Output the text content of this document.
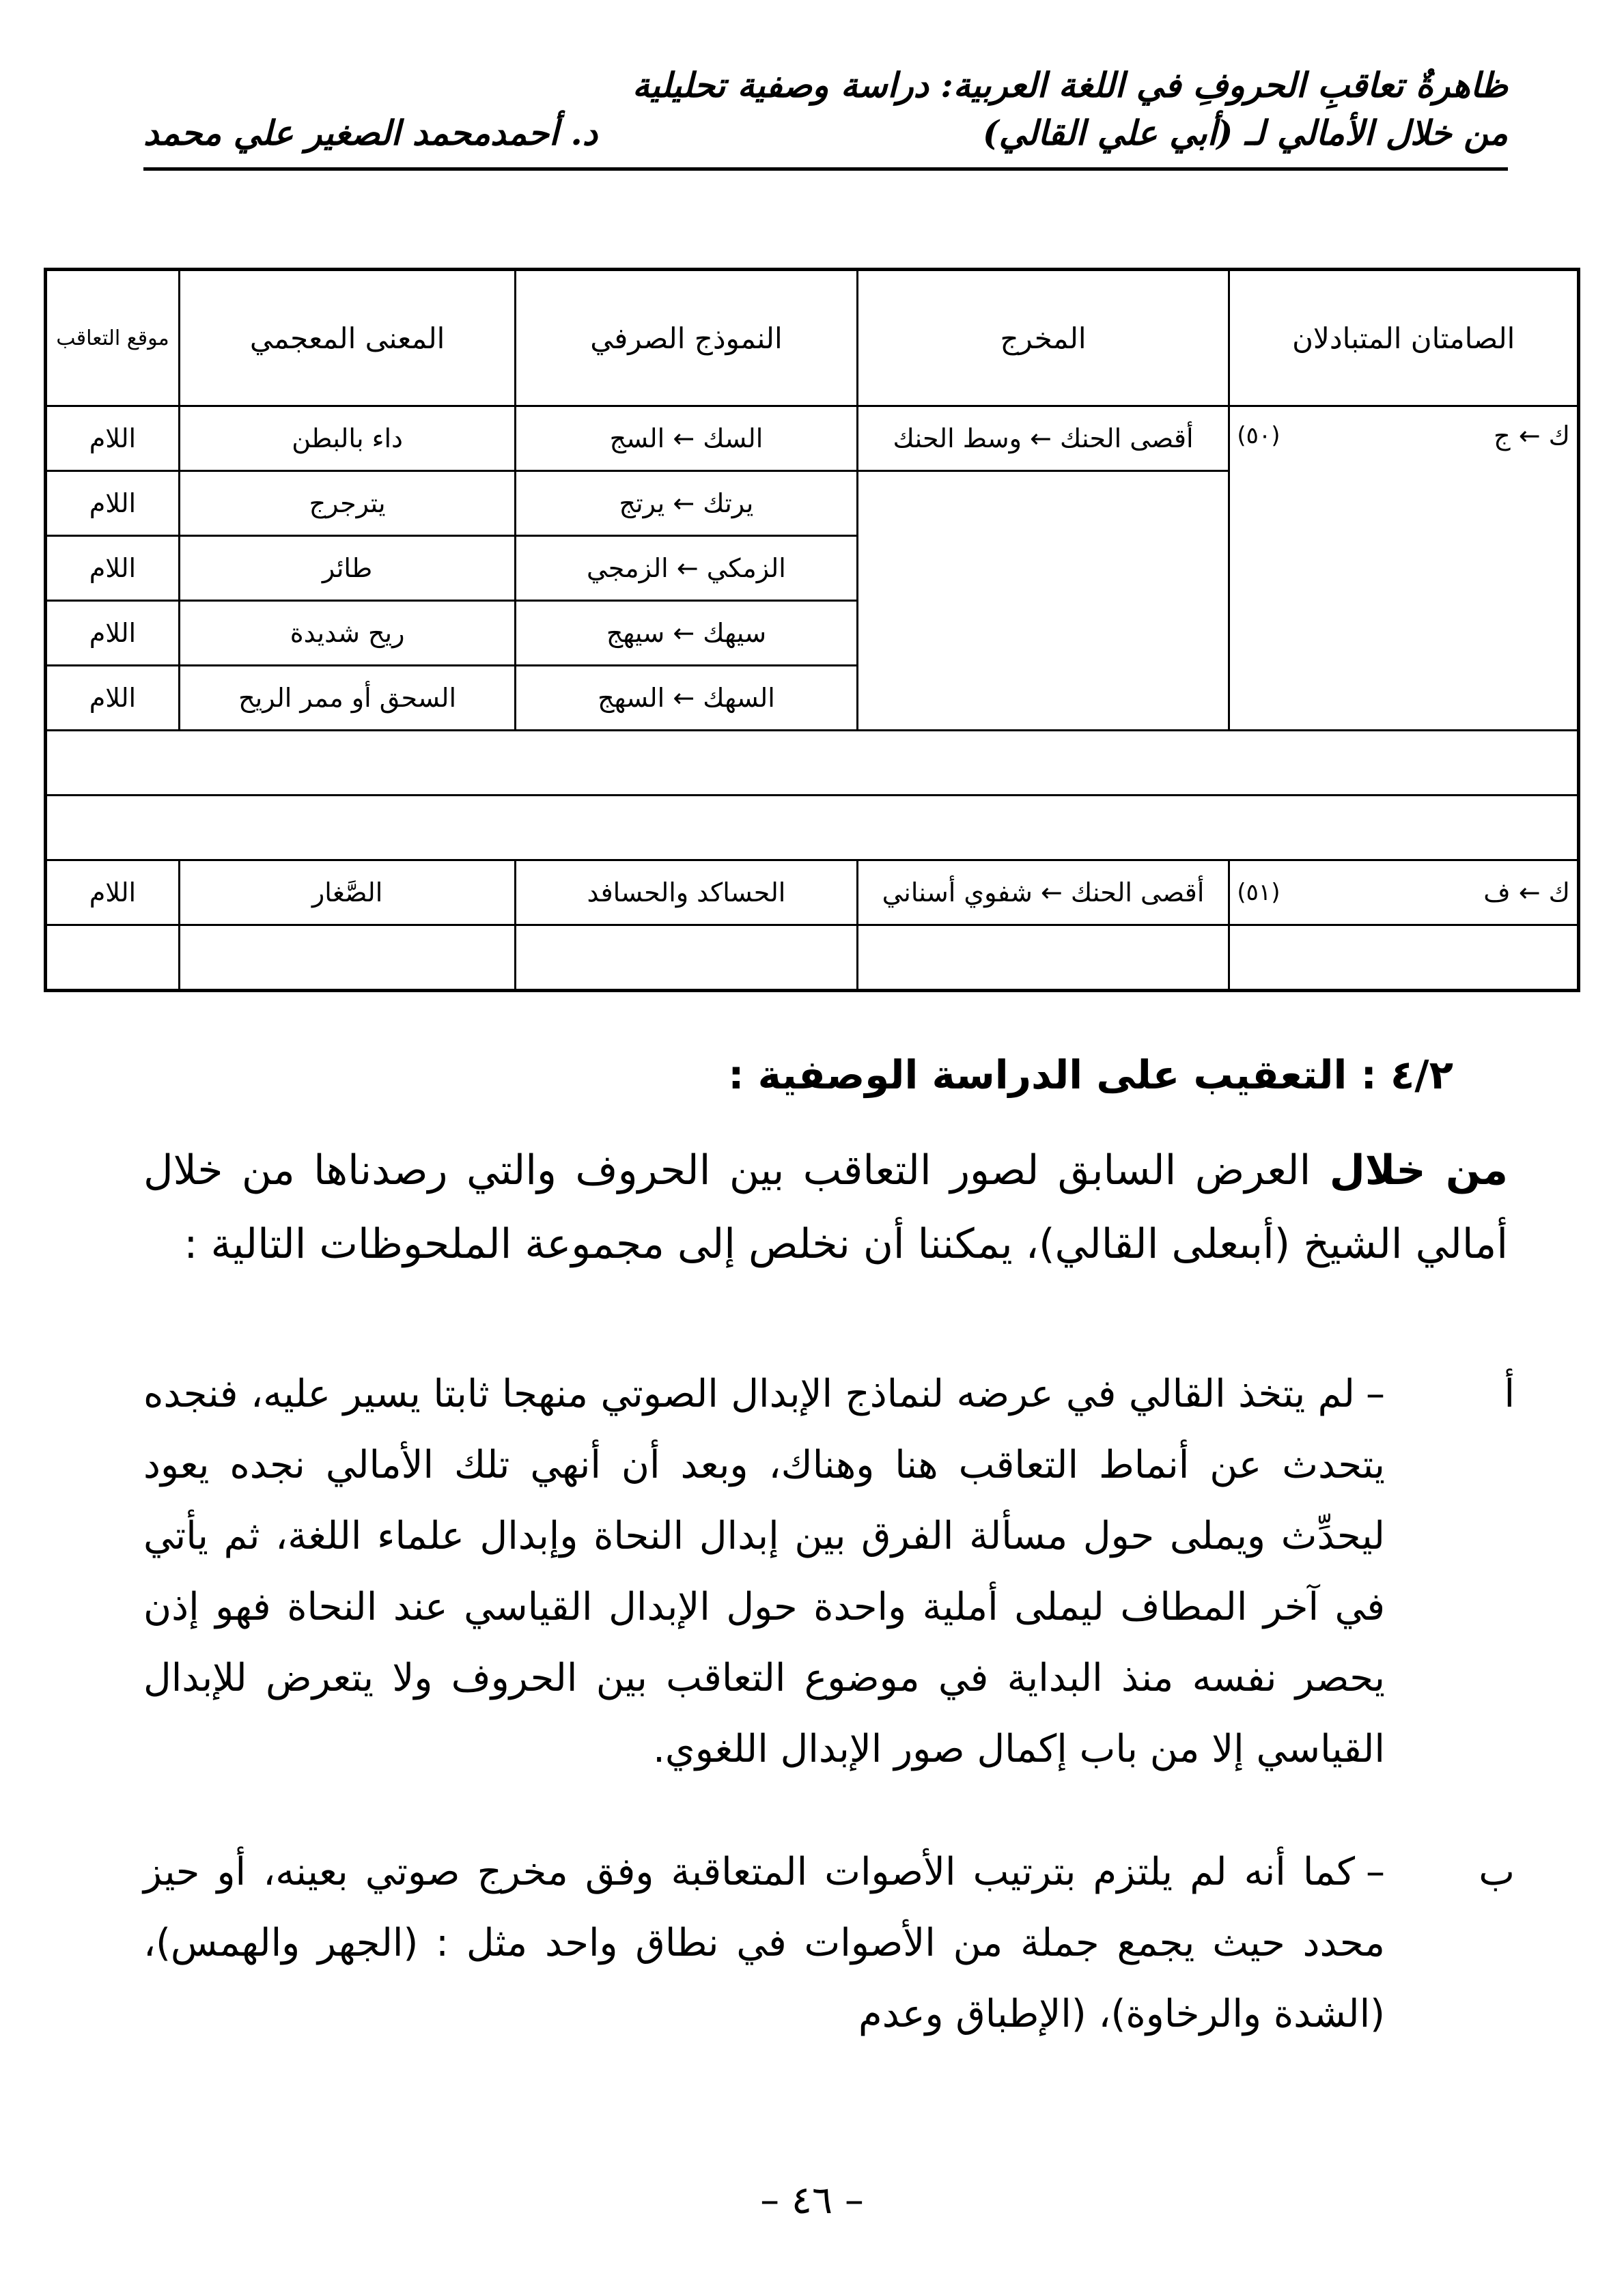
ظاهرةٌ تعاقبِ الحروفِ في اللغة العربية: دراسة وصفية تحليلية
من خلال الأمالي لـ (أبي علي القالي)
د. أحمدمحمد الصغير علي محمد
الصامتان المتبادلان	المخرج	النموذج الصرفي	المعنى المعجمي	موقع التعاقب

ك ← ج
(٥٠)	أقصى الحنك ← وسط الحنك	السك ← السج	داء بالبطن	اللام
		يرتك ← يرتج	يترجرج	اللام
		الزمكي ← الزمجي	طائر	اللام
		سيهك ← سيهج	ريح شديدة	اللام
		السهك ← السهج	السحق أو ممر الريح	اللام

ك ← ف
(٥١)	أقصى الحنك ← شفوي أسناني	الحساكد والحسافد	الصَّغار	اللام

٤/٢ : التعقيب على الدراسة الوصفية :
من خلال العرض السابق لصور التعاقب بين الحروف والتي رصدناها من خلال أمالي الشيخ (أبىعلى القالي)، يمكننا أن نخلص إلى مجموعة الملحوظات التالية :
أ
–لم يتخذ القالي في عرضه لنماذج الإبدال الصوتي منهجا ثابتا يسير عليه، فنجده يتحدث عن أنماط التعاقب هنا وهناك، وبعد أن أنهي تلك الأمالي نجده يعود ليحدِّث ويملى حول مسألة الفرق بين إبدال النحاة وإبدال علماء اللغة، ثم يأتي في آخر المطاف ليملى أملية واحدة حول الإبدال القياسي عند النحاة فهو إذن يحصر نفسه منذ البداية في موضوع التعاقب بين الحروف ولا يتعرض للإبدال القياسي إلا من باب إكمال صور الإبدال اللغوي.
ب
–كما أنه لم يلتزم بترتيب الأصوات المتعاقبة وفق مخرج صوتي بعينه، أو حيز محدد حيث يجمع جملة من الأصوات في نطاق واحد مثل : (الجهر والهمس)، (الشدة والرخاوة)، (الإطباق وعدم
– ٤٦ –
